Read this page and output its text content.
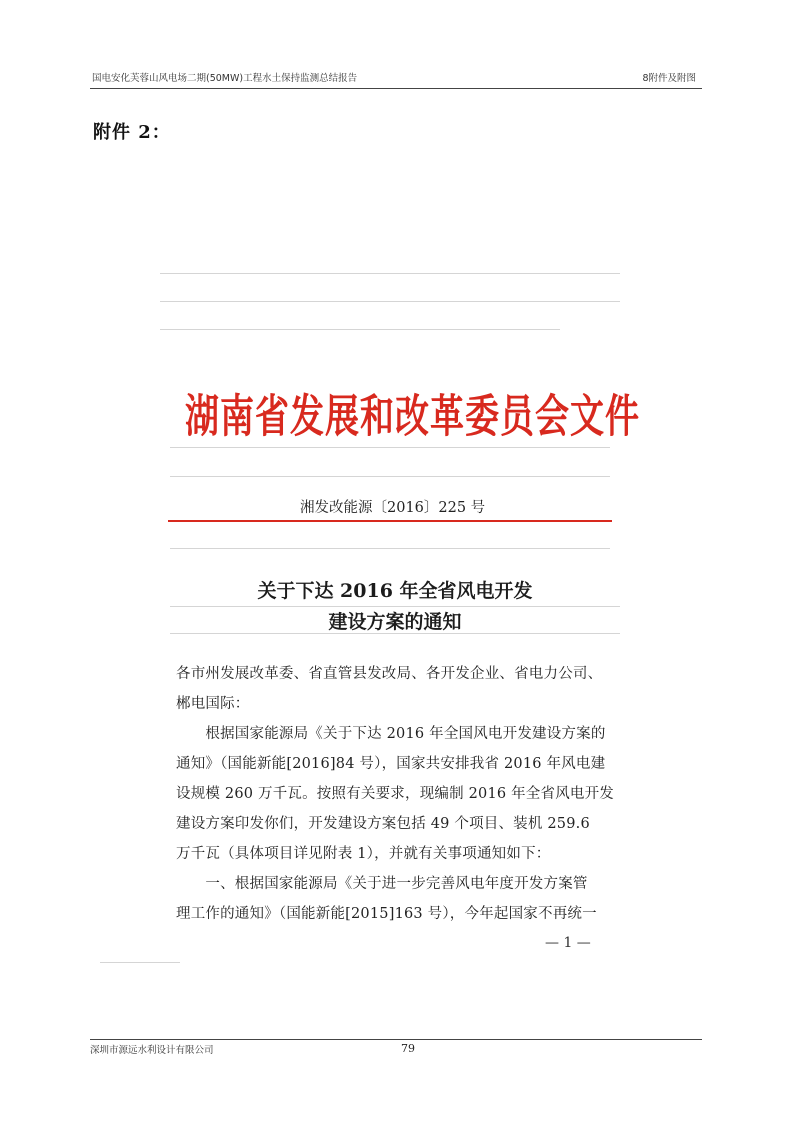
国电安化芙蓉山风电场二期(50MW)工程水土保持监测总结报告	8附件及附图
附件 2：
湖南省发展和改革委员会文件
湘发改能源〔2016〕225 号
关于下达 2016 年全省风电开发
建设方案的通知
各市州发展改革委、省直管县发改局、各开发企业、省电力公司、
郴电国际：
　　根据国家能源局《关于下达 2016 年全国风电开发建设方案的
通知》（国能新能[2016]84 号），国家共安排我省 2016 年风电建
设规模 260 万千瓦。按照有关要求，现编制 2016 年全省风电开发
建设方案印发你们，开发建设方案包括 49 个项目、装机 259.6
万千瓦（具体项目详见附表 1），并就有关事项通知如下：
　　一、根据国家能源局《关于进一步完善风电年度开发方案管
理工作的通知》（国能新能[2015]163 号），今年起国家不再统一
— 1 —
深圳市源远水利设计有限公司	79
